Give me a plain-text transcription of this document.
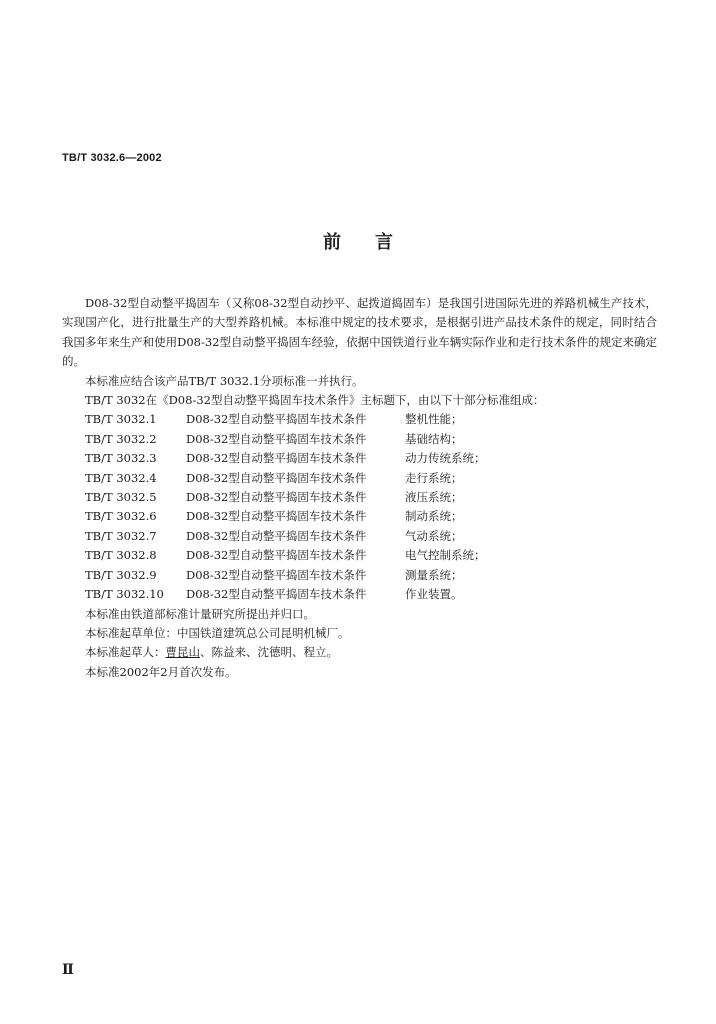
TB/T 3032.6—2002
前言

D08-32型自动整平捣固车（又称08-32型自动抄平、起拨道捣固车）是我国引进国际先进的养路机械生产技术，实现国产化，进行批量生产的大型养路机械。本标准中规定的技术要求，是根据引进产品技术条件的规定，同时结合我国多年来生产和使用D08-32型自动整平捣固车经验，依据中国铁道行业车辆实际作业和走行技术条件的规定来确定的。

本标准应结合该产品TB/T 3032.1分项标准一并执行。

TB/T 3032在《D08-32型自动整平捣固车技术条件》主标题下，由以下十部分标准组成：

TB/T 3032.1	D08-32型自动整平捣固车技术条件	整机性能；
TB/T 3032.2	D08-32型自动整平捣固车技术条件	基础结构；
TB/T 3032.3	D08-32型自动整平捣固车技术条件	动力传统系统；
TB/T 3032.4	D08-32型自动整平捣固车技术条件	走行系统；
TB/T 3032.5	D08-32型自动整平捣固车技术条件	液压系统；
TB/T 3032.6	D08-32型自动整平捣固车技术条件	制动系统；
TB/T 3032.7	D08-32型自动整平捣固车技术条件	气动系统；
TB/T 3032.8	D08-32型自动整平捣固车技术条件	电气控制系统；
TB/T 3032.9	D08-32型自动整平捣固车技术条件	测量系统；
TB/T 3032.10 D08-32型自动整平捣固车技术条件	作业装置。

本标准由铁道部标准计量研究所提出并归口。

本标准起草单位：中国铁道建筑总公司昆明机械厂。

本标准起草人：曹昆山、陈益来、沈德明、程立。

本标准2002年2月首次发布。

Ⅱ
